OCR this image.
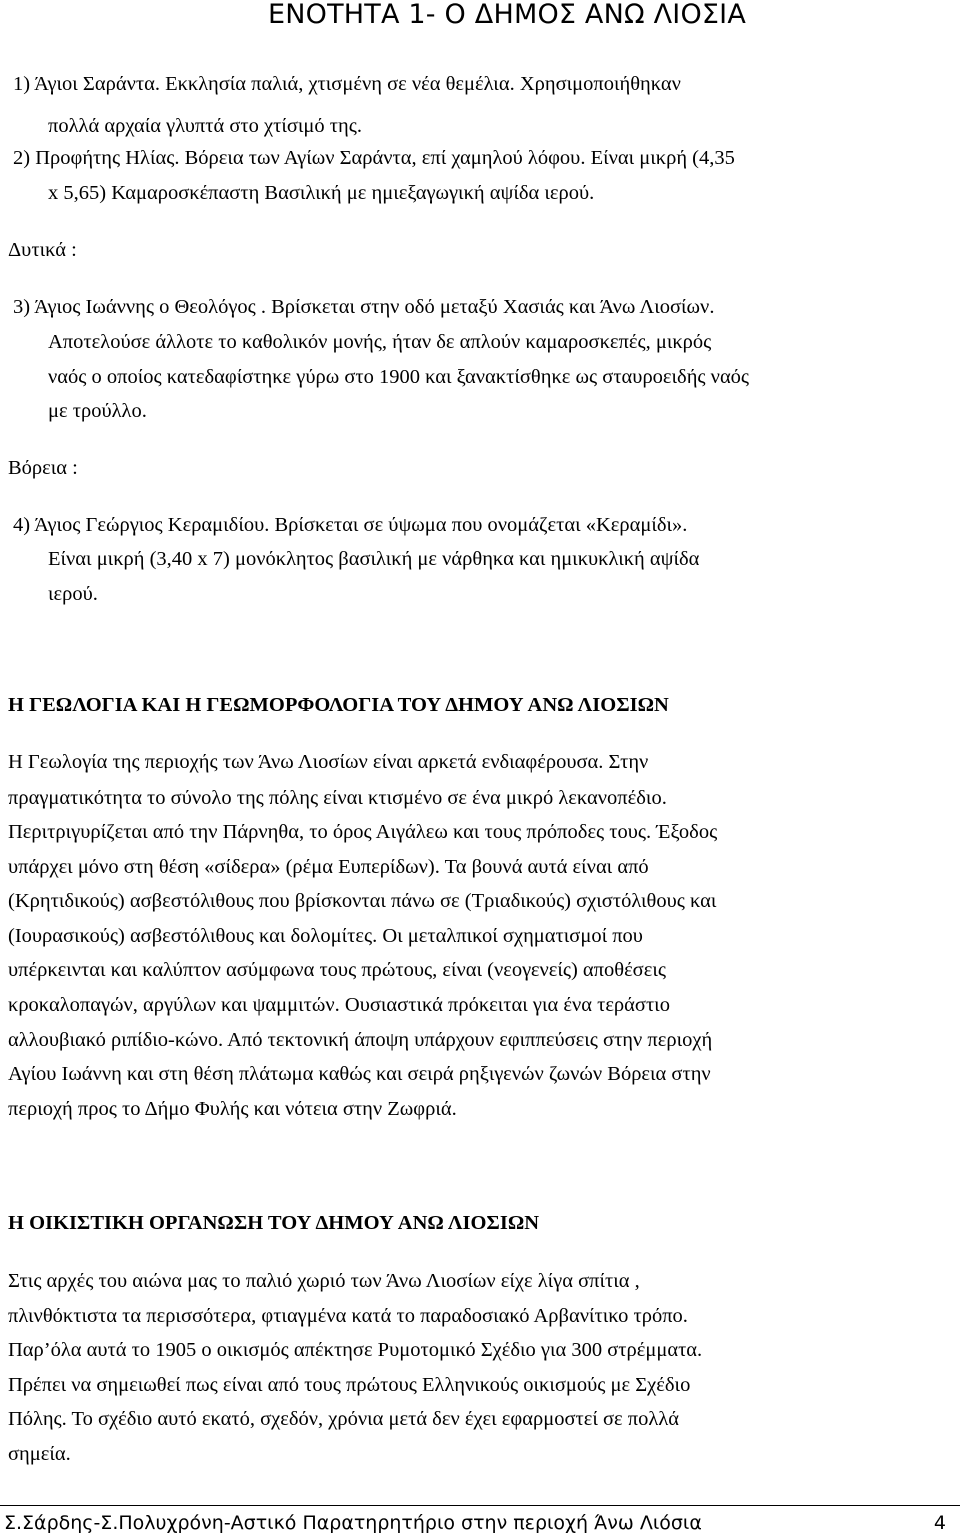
ΕΝΟΤΗΤΑ 1- Ο ΔΗΜΟΣ ΑΝΩ ΛΙΟΣΙΑ
1) Άγιοι Σαράντα. Εκκλησία παλιά, χτισμένη σε νέα θεμέλια. Χρησιμοποιήθηκαν
πολλά αρχαία γλυπτά στο χτίσιμό της.
2) Προφήτης Ηλίας. Βόρεια των Αγίων Σαράντα, επί χαμηλού λόφου. Είναι μικρή (4,35
x 5,65) Καμαροσκέπαστη Βασιλική με ημιεξαγωγική αψίδα ιερού.
Δυτικά :
3) Άγιος Ιωάννης ο Θεολόγος . Βρίσκεται στην οδό μεταξύ Χασιάς και Άνω Λιοσίων.
Αποτελούσε άλλοτε το καθολικόν μονής, ήταν δε απλούν καμαροσκεπές, μικρός
ναός ο οποίος κατεδαφίστηκε γύρω στο 1900 και ξανακτίσθηκε ως σταυροειδής ναός
με τρούλλο.
Βόρεια :
4) Άγιος Γεώργιος Κεραμιδίου. Βρίσκεται σε ύψωμα που ονομάζεται «Κεραμίδι».
Είναι μικρή (3,40 x 7) μονόκλητος βασιλική με νάρθηκα και ημικυκλική αψίδα
ιερού.
Η ΓΕΩΛΟΓΙΑ ΚΑΙ Η ΓΕΩΜΟΡΦΟΛΟΓΙΑ ΤΟΥ ΔΗΜΟΥ ΑΝΩ ΛΙΟΣΙΩΝ
Η Γεωλογία της περιοχής των Άνω Λιοσίων είναι αρκετά ενδιαφέρουσα. Στην
πραγματικότητα το σύνολο της πόλης είναι κτισμένο σε ένα μικρό λεκανοπέδιο.
Περιτριγυρίζεται από την Πάρνηθα, το όρος Αιγάλεω και τους πρόποδες τους. Έξοδος
υπάρχει μόνο στη θέση «σίδερα» (ρέμα Ευπερίδων). Τα βουνά αυτά είναι από
(Κρητιδικούς) ασβεστόλιθους που βρίσκονται πάνω σε (Τριαδικούς) σχιστόλιθους και
(Ιουρασικούς) ασβεστόλιθους και δολομίτες. Οι μεταλπικοί σχηματισμοί που
υπέρκεινται και καλύπτον ασύμφωνα τους πρώτους, είναι (νεογενείς) αποθέσεις
κροκαλοπαγών, αργύλων και ψαμμιτών. Ουσιαστικά πρόκειται για ένα τεράστιο
αλλουβιακό ριπίδιο-κώνο. Από τεκτονική άποψη υπάρχουν εφιππεύσεις στην περιοχή
Αγίου Ιωάννη και στη θέση πλάτωμα καθώς και σειρά ρηξιγενών ζωνών Βόρεια στην
περιοχή προς το Δήμο Φυλής και νότεια στην Ζωφριά.
Η ΟΙΚΙΣΤΙΚΗ ΟΡΓΑΝΩΣΗ ΤΟΥ ΔΗΜΟΥ ΑΝΩ ΛΙΟΣΙΩΝ
Στις αρχές του αιώνα μας το παλιό χωριό των Άνω Λιοσίων είχε λίγα σπίτια ,
πλινθόκτιστα τα περισσότερα, φτιαγμένα κατά το παραδοσιακό Αρβανίτικο τρόπο.
Παρ’όλα αυτά το 1905 ο οικισμός απέκτησε Ρυμοτομικό Σχέδιο για 300 στρέμματα.
Πρέπει να σημειωθεί πως είναι από τους πρώτους Ελληνικούς οικισμούς με Σχέδιο
Πόλης. Το σχέδιο αυτό εκατό, σχεδόν, χρόνια μετά δεν έχει εφαρμοστεί σε πολλά
σημεία.
Σ.Σάρδης-Σ.Πολυχρόνη-Αστικό Παρατηρητήριο στην περιοχή Άνω Λιόσια	4
